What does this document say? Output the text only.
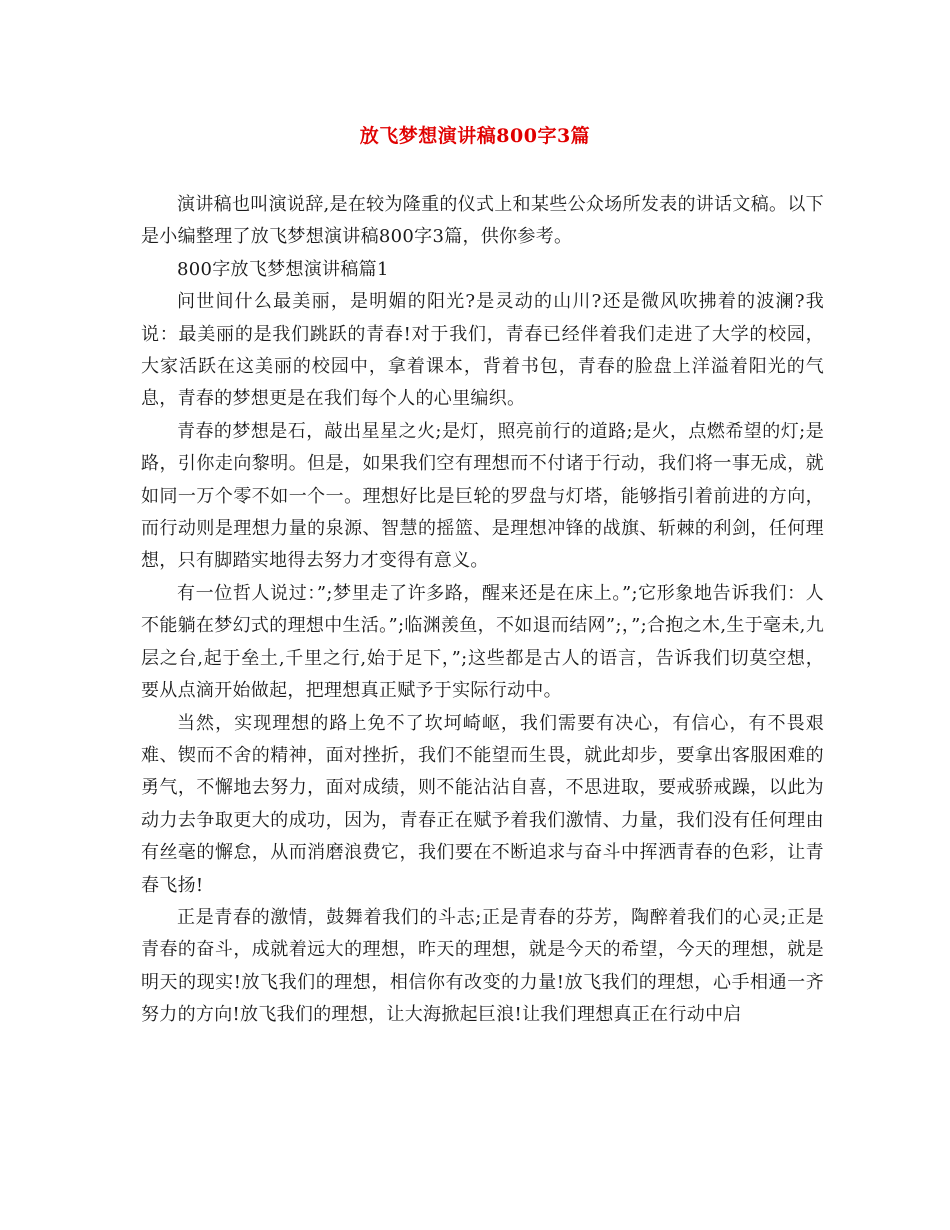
放飞梦想演讲稿800字3篇

演讲稿也叫演说辞,是在较为隆重的仪式上和某些公众场所发表的讲话文稿。以下是小编整理了放飞梦想演讲稿800字3篇，供你参考。

800字放飞梦想演讲稿篇1

问世间什么最美丽，是明媚的阳光?是灵动的山川?还是微风吹拂着的波澜?我说：最美丽的是我们跳跃的青春!对于我们，青春已经伴着我们走进了大学的校园，大家活跃在这美丽的校园中，拿着课本，背着书包，青春的脸盘上洋溢着阳光的气息，青春的梦想更是在我们每个人的心里编织。

青春的梦想是石，敲出星星之火;是灯，照亮前行的道路;是火，点燃希望的灯;是路，引你走向黎明。但是，如果我们空有理想而不付诸于行动，我们将一事无成，就如同一万个零不如一个一。理想好比是巨轮的罗盘与灯塔，能够指引着前进的方向，而行动则是理想力量的泉源、智慧的摇篮、是理想冲锋的战旗、斩棘的利剑，任何理想，只有脚踏实地得去努力才变得有意义。

有一位哲人说过：”;梦里走了许多路，醒来还是在床上。”;它形象地告诉我们：人不能躺在梦幻式的理想中生活。”;临渊羡鱼，不如退而结网”;，”;合抱之木,生于毫未,九层之台,起于垒土,千里之行,始于足下，”;这些都是古人的语言，告诉我们切莫空想，要从点滴开始做起，把理想真正赋予于实际行动中。

当然，实现理想的路上免不了坎坷崎岖，我们需要有决心，有信心，有不畏艰难、锲而不舍的精神，面对挫折，我们不能望而生畏，就此却步，要拿出客服困难的勇气，不懈地去努力，面对成绩，则不能沾沾自喜，不思进取，要戒骄戒躁，以此为动力去争取更大的成功，因为，青春正在赋予着我们激情、力量，我们没有任何理由有丝毫的懈怠，从而消磨浪费它，我们要在不断追求与奋斗中挥洒青春的色彩，让青春飞扬!

正是青春的激情，鼓舞着我们的斗志;正是青春的芬芳，陶醉着我们的心灵;正是青春的奋斗，成就着远大的理想，昨天的理想，就是今天的希望，今天的理想，就是明天的现实!放飞我们的理想，相信你有改变的力量!放飞我们的理想，心手相通一齐努力的方向!放飞我们的理想，让大海掀起巨浪!让我们理想真正在行动中启
